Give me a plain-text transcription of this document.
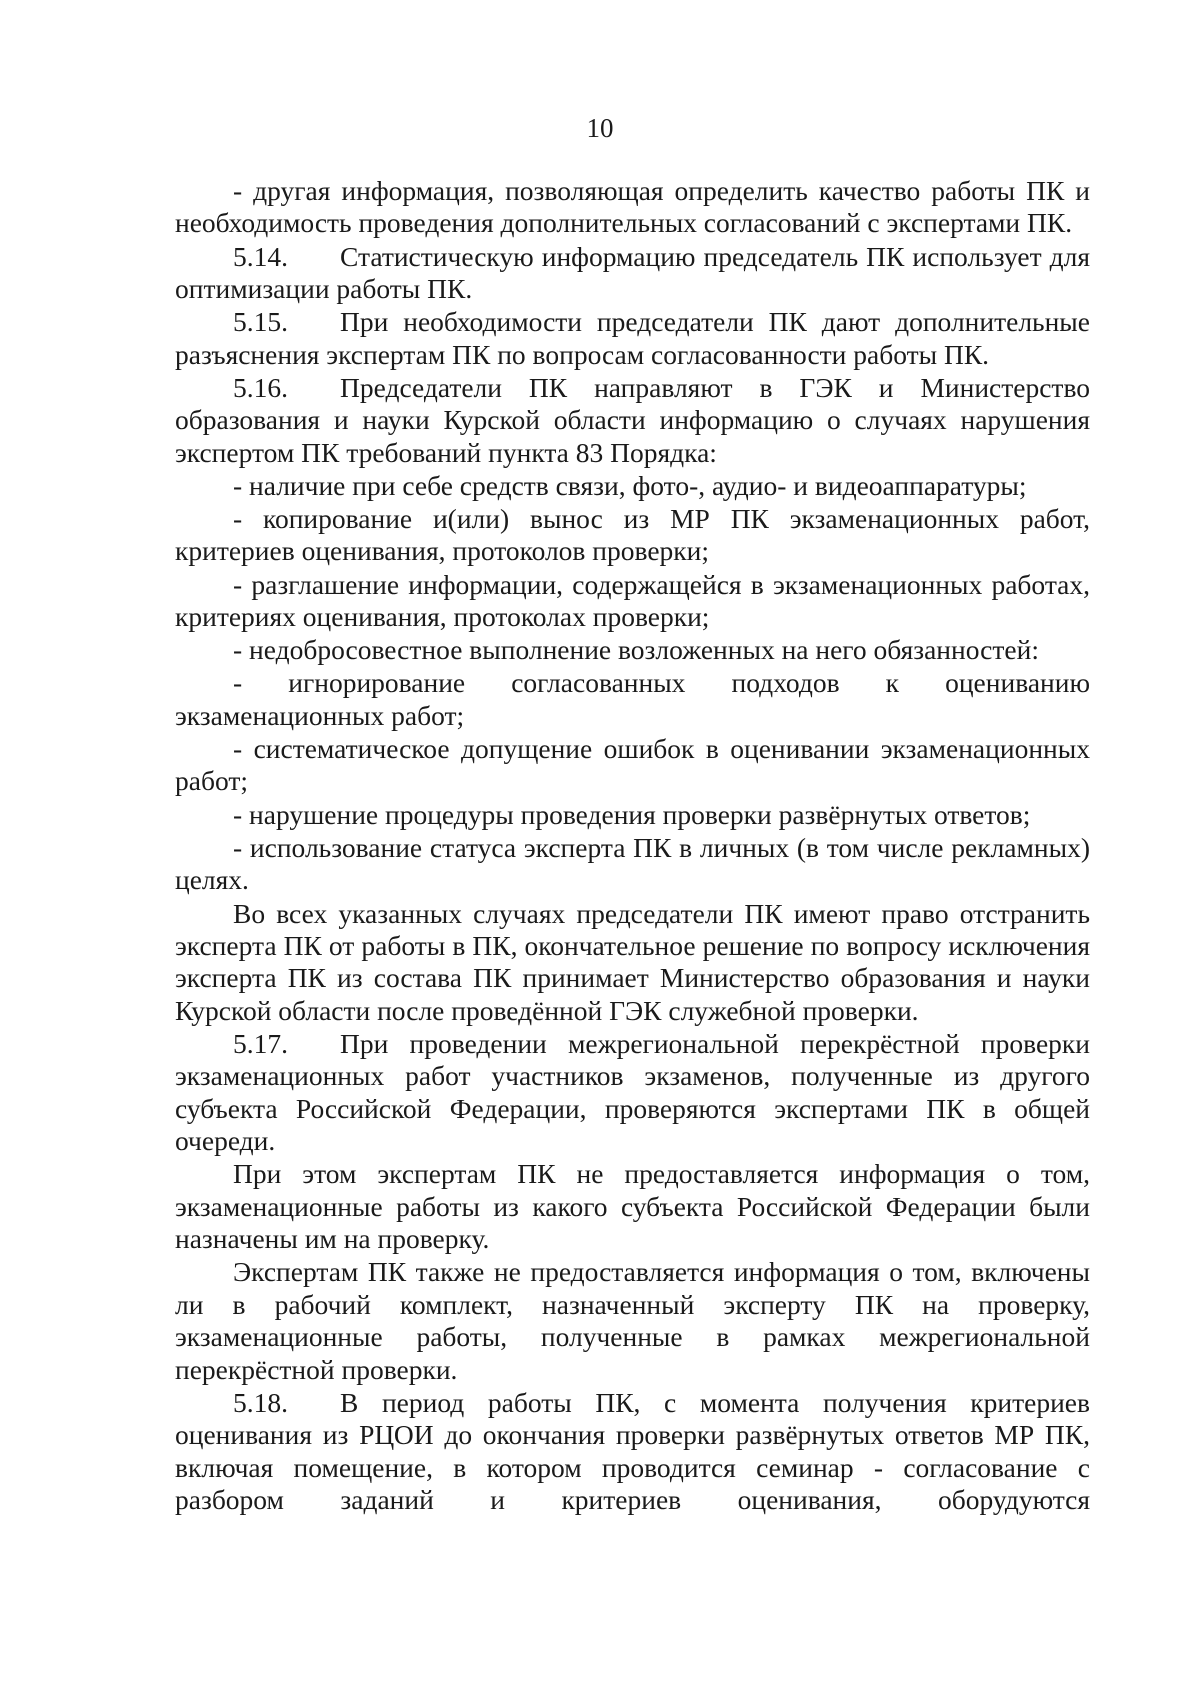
10

- другая информация, позволяющая определить качество работы ПК и необходимость проведения дополнительных согласований с экспертами ПК.

5.14. Статистическую информацию председатель ПК использует для оптимизации работы ПК.

5.15. При необходимости председатели ПК дают дополнительные разъяснения экспертам ПК по вопросам согласованности работы ПК.

5.16. Председатели ПК направляют в ГЭК и Министерство образования и науки Курской области информацию о случаях нарушения экспертом ПК требований пункта 83 Порядка:

- наличие при себе средств связи, фото-, аудио- и видеоаппаратуры;

- копирование и(или) вынос из МР ПК экзаменационных работ, критериев оценивания, протоколов проверки;

- разглашение информации, содержащейся в экзаменационных работах, критериях оценивания, протоколах проверки;

- недобросовестное выполнение возложенных на него обязанностей:

- игнорирование согласованных подходов к оцениванию экзаменационных работ;

- систематическое допущение ошибок в оценивании экзаменационных работ;

- нарушение процедуры проведения проверки развёрнутых ответов;

- использование статуса эксперта ПК в личных (в том числе рекламных) целях.

Во всех указанных случаях председатели ПК имеют право отстранить эксперта ПК от работы в ПК, окончательное решение по вопросу исключения эксперта ПК из состава ПК принимает Министерство образования и науки Курской области после проведённой ГЭК служебной проверки.

5.17. При проведении межрегиональной перекрёстной проверки экзаменационных работ участников экзаменов, полученные из другого субъекта Российской Федерации, проверяются экспертами ПК в общей очереди.

При этом экспертам ПК не предоставляется информация о том, экзаменационные работы из какого субъекта Российской Федерации были назначены им на проверку.

Экспертам ПК также не предоставляется информация о том, включены ли в рабочий комплект, назначенный эксперту ПК на проверку, экзаменационные работы, полученные в рамках межрегиональной перекрёстной проверки.

5.18. В период работы ПК, с момента получения критериев оценивания из РЦОИ до окончания проверки развёрнутых ответов МР ПК, включая помещение, в котором проводится семинар - согласование с разбором заданий и критериев оценивания, оборудуются
